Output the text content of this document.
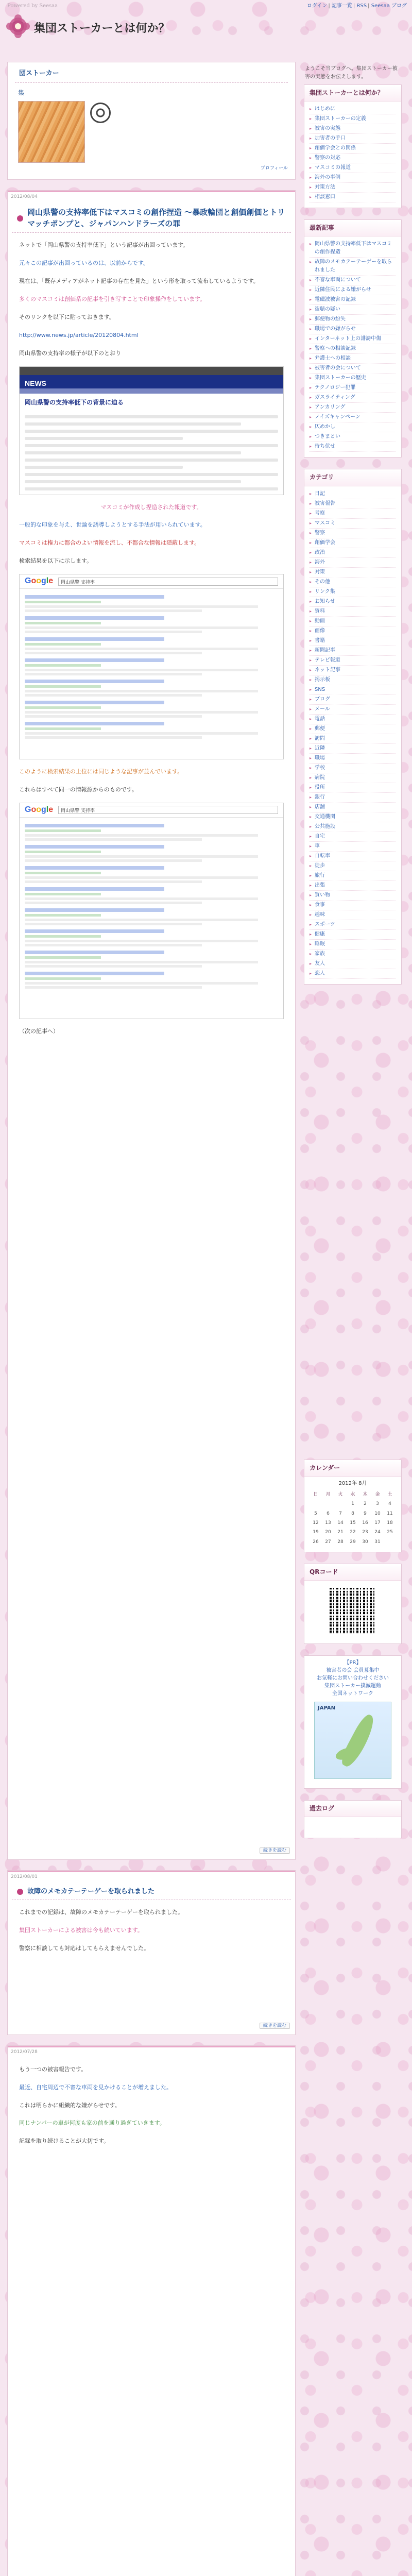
Powered by Seesaa	ログイン | 記事一覧 | RSS | Seesaa ブログ
集団ストーカーとは何か？
団ストーカー
集
プロフィール
2012/08/04
岡山県警の支持率低下はマスコミの創作捏造 ～暴政輪団と創価創価とトリマッチポンプと、ジャパンハンドラーズの罪

ネットで「岡山県警の支持率低下」という記事が出回っています。

元々この記事が出回っているのは、以前からです。

現在は、「既存メディアがネット記事の存在を見た」という形を取って流布しているようです。

多くのマスコミは創価系の記事を引き写すことで印象操作をしています。

そのリンクを以下に貼っておきます。

http://www.news.jp/article/20120804.html

岡山県警の支持率の様子が以下のとおり

NEWS
岡山県警の支持率低下の背景に迫る

マスコミが作成し捏造された報道です。

一般的な印象を与え、世論を誘導しようとする手法が用いられています。

マスコミは権力に都合のよい情報を流し、不都合な情報は隠蔽します。

検索結果を以下に示します。

Google	岡山県警 支持率

このように検索結果の上位には同じような記事が並んでいます。

これらはすべて同一の情報源からのものです。

Google	岡山県警 支持率

（次の記事へ）

続きを読む
2012/08/01
故障のメモカテーテーゲーを取られました

これまでの記録は、故障のメモカテーテーゲーを取られました。

集団ストーカーによる被害は今も続いています。

警察に相談しても対応はしてもらえませんでした。

続きを読む
2012/07/28

もう一つの被害報告です。

最近、自宅周辺で不審な車両を見かけることが増えました。

これは明らかに組織的な嫌がらせです。

同じナンバーの車が何度も家の前を通り過ぎていきます。

記録を取り続けることが大切です。

ようこそ当ブログへ。集団ストーカー被害の実態をお伝えします。
集団ストーカーとは何か？
▸ はじめに
▸ 集団ストーカーの定義
▸ 被害の実態
▸ 加害者の手口
▸ 創価学会との関係
▸ 警察の対応
▸ マスコミの報道
▸ 海外の事例
▸ 対策方法
▸ 相談窓口
最新記事
▸ 岡山県警の支持率低下はマスコミの創作捏造
▸ 故障のメモカテーテーゲーを取られました
▸ 不審な車両について
▸ 近隣住民による嫌がらせ
▸ 電磁波被害の記録
▸ 盗聴の疑い
▸ 郵便物の紛失
▸ 職場での嫌がらせ
▸ インターネット上の誹謗中傷
▸ 警察への相談記録
▸ 弁護士への相談
▸ 被害者の会について
▸ 集団ストーカーの歴史
▸ テクノロジー犯罪
▸ ガスライティング
▸ アンカリング
▸ ノイズキャンペーン
▸ 仄めかし
▸ つきまとい
▸ 待ち伏せ
カテゴリ
▸ 日記
▸ 被害報告
▸ 考察
▸ マスコミ
▸ 警察
▸ 創価学会
▸ 政治
▸ 海外
▸ 対策
▸ その他
▸ リンク集
▸ お知らせ
▸ 資料
▸ 動画
▸ 画像
▸ 書籍
▸ 新聞記事
▸ テレビ報道
▸ ネット記事
▸ 掲示板
▸ SNS
▸ ブログ
▸ メール
▸ 電話
▸ 郵便
▸ 訪問
▸ 近隣
▸ 職場
▸ 学校
▸ 病院
▸ 役所
▸ 銀行
▸ 店舗
▸ 交通機関
▸ 公共施設
▸ 自宅
▸ 車
▸ 自転車
▸ 徒歩
▸ 旅行
▸ 出張
▸ 買い物
▸ 食事
▸ 趣味
▸ スポーツ
▸ 健康
▸ 睡眠
▸ 家族
▸ 友人
▸ 恋人
カレンダー
2012年 8月
日	月	火	水	木	金	土
			1	2	3	4
5	6	7	8	9	10	11
12	13	14	15	16	17	18
19	20	21	22	23	24	25
26	27	28	29	30	31	
QRコード
【PR】
被害者の会 会員募集中
お気軽にお問い合わせください
集団ストーカー撲滅運動
全国ネットワーク
JAPAN
過去ログ
